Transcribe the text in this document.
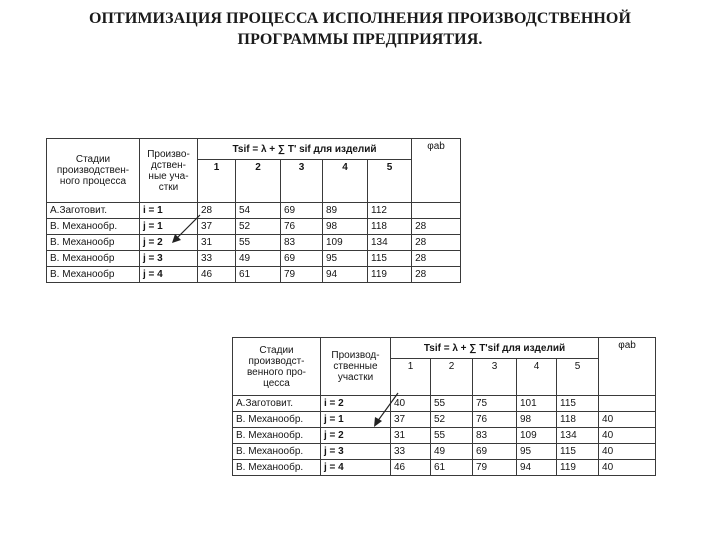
ОПТИМИЗАЦИЯ ПРОЦЕССА ИСПОЛНЕНИЯ ПРОИЗВОДСТВЕННОЙ
ПРОГРАММЫ ПРЕДПРИЯТИЯ.
Стадии производствен-ного процесса	Произво-дствен-ные уча-стки	Tsif = λ + ∑ T' sif для изделий					φab
		1	2	3	4	5	
А.Заготовит.	i = 1	28	54	69	89	112	
В. Механообр.	j = 1	37	52	76	98	118	28
В. Механообр	j = 2	31	55	83	109	134	28
В. Механообр	j = 3	33	49	69	95	115	28
В. Механообр	j = 4	46	61	79	94	119	28
Стадии производст-венного про-цесса	Производ-ственные участки	Tsif = λ + ∑ T'sif для изделий					φab
		1	2	3	4	5	
А.Заготовит.	i = 2	40	55	75	101	115	
В. Механообр.	j = 1	37	52	76	98	118	40
В. Механообр.	j = 2	31	55	83	109	134	40
В. Механообр.	j = 3	33	49	69	95	115	40
В. Механообр.	j = 4	46	61	79	94	119	40
